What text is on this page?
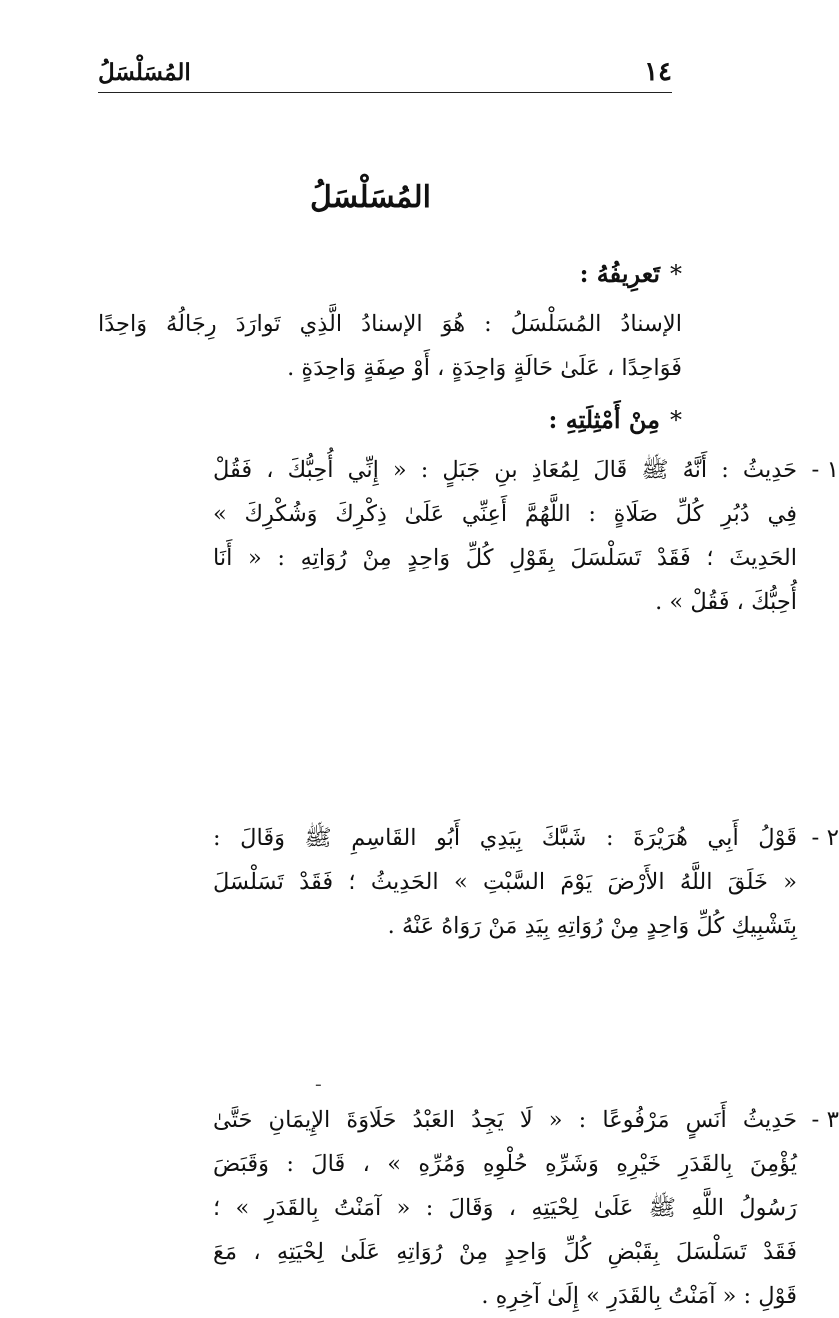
١٤
المُسَلْسَلُ
المُسَلْسَلُ
*تَعرِيفُهُ :
الإسنادُ المُسَلْسَلُ : هُوَ الإسنادُ الَّذِي تَوارَدَ رِجَالُهُ وَاحِدًا
فَوَاحِدًا ، عَلَىٰ حَالَةٍ وَاحِدَةٍ ، أَوْ صِفَةٍ وَاحِدَةٍ .
*مِنْ أَمْثِلَتِهِ :
١ -
حَدِيثُ : أَنَّهُ ﷺ قَالَ لِمُعَاذِ بنِ جَبَلٍ : « إِنِّي أُحِبُّكَ ، فَقُلْ
فِي دُبُرِ كُلِّ صَلَاةٍ : اللَّهُمَّ أَعِنِّي عَلَىٰ ذِكْرِكَ وَشُكْرِكَ »
الحَدِيثَ ؛ فَقَدْ تَسَلْسَلَ بِقَوْلِ كُلِّ وَاحِدٍ مِنْ رُوَاتِهِ : « أَنَا
أُحِبُّكَ ، فَقُلْ » .
٢ -
قَوْلُ أَبِي هُرَيْرَةَ : شَبَّكَ بِيَدِي أَبُو القَاسِمِ ﷺ وَقَالَ :
« خَلَقَ اللَّهُ الأَرْضَ يَوْمَ السَّبْتِ » الحَدِيثُ ؛ فَقَدْ تَسَلْسَلَ
بِتَشْبِيكِ كُلِّ وَاحِدٍ مِنْ رُوَاتِهِ بِيَدِ مَنْ رَوَاهُ عَنْهُ .
٣ -
حَدِيثُ أَنَسٍ مَرْفُوعًا : « لَا يَجِدُ العَبْدُ حَلَاوَةَ الإِيمَانِ حَتَّىٰ
يُؤْمِنَ بِالقَدَرِ خَيْرِهِ وَشَرِّهِ حُلْوِهِ وَمُرِّهِ » ، قَالَ : وَقَبَضَ
رَسُولُ اللَّهِ ﷺ عَلَىٰ لِحْيَتِهِ ، وَقَالَ : « آمَنْتُ بِالقَدَرِ » ؛
فَقَدْ تَسَلْسَلَ بِقَبْضِ كُلِّ وَاحِدٍ مِنْ رُوَاتِهِ عَلَىٰ لِحْيَتِهِ ، مَعَ
قَوْلِ : « آمَنْتُ بِالقَدَرِ » إِلَىٰ آخِرِهِ .
ـ
